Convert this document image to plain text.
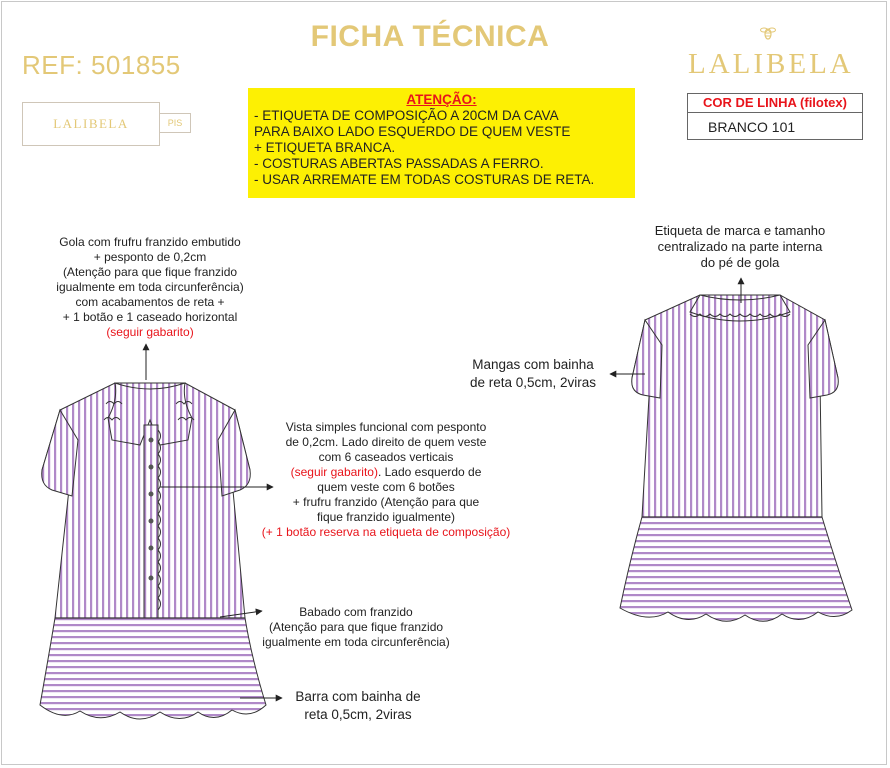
FICHA TÉCNICA
REF: 501855	LALIBELA
LALIBELA	PIS
ATENÇÃO:
- ETIQUETA DE COMPOSIÇÃO A 20CM DA CAVA
PARA BAIXO LADO ESQUERDO DE QUEM VESTE
+ ETIQUETA BRANCA.
- COSTURAS ABERTAS PASSADAS A FERRO.
- USAR ARREMATE EM TODAS COSTURAS DE RETA.
COR DE LINHA (filotex)
BRANCO 101
Gola com frufru franzido embutido
+ pesponto de 0,2cm
(Atenção para que fique franzido
igualmente em toda circunferência)
com acabamentos de reta +
+ 1 botão e 1 caseado horizontal
(seguir gabarito)
Vista simples funcional com pesponto
de 0,2cm. Lado direito de quem veste
com 6 caseados verticais
(seguir gabarito). Lado esquerdo de
quem veste com 6 botões
+ frufru franzido (Atenção para que
fique franzido igualmente)
(+ 1 botão reserva na etiqueta de composição)
Babado com franzido
(Atenção para que fique franzido
igualmente em toda circunferência)
Barra com bainha de
reta 0,5cm, 2viras
Etiqueta de marca e tamanho
centralizado na parte interna
do pé de gola
Mangas com bainha
de reta 0,5cm, 2viras
